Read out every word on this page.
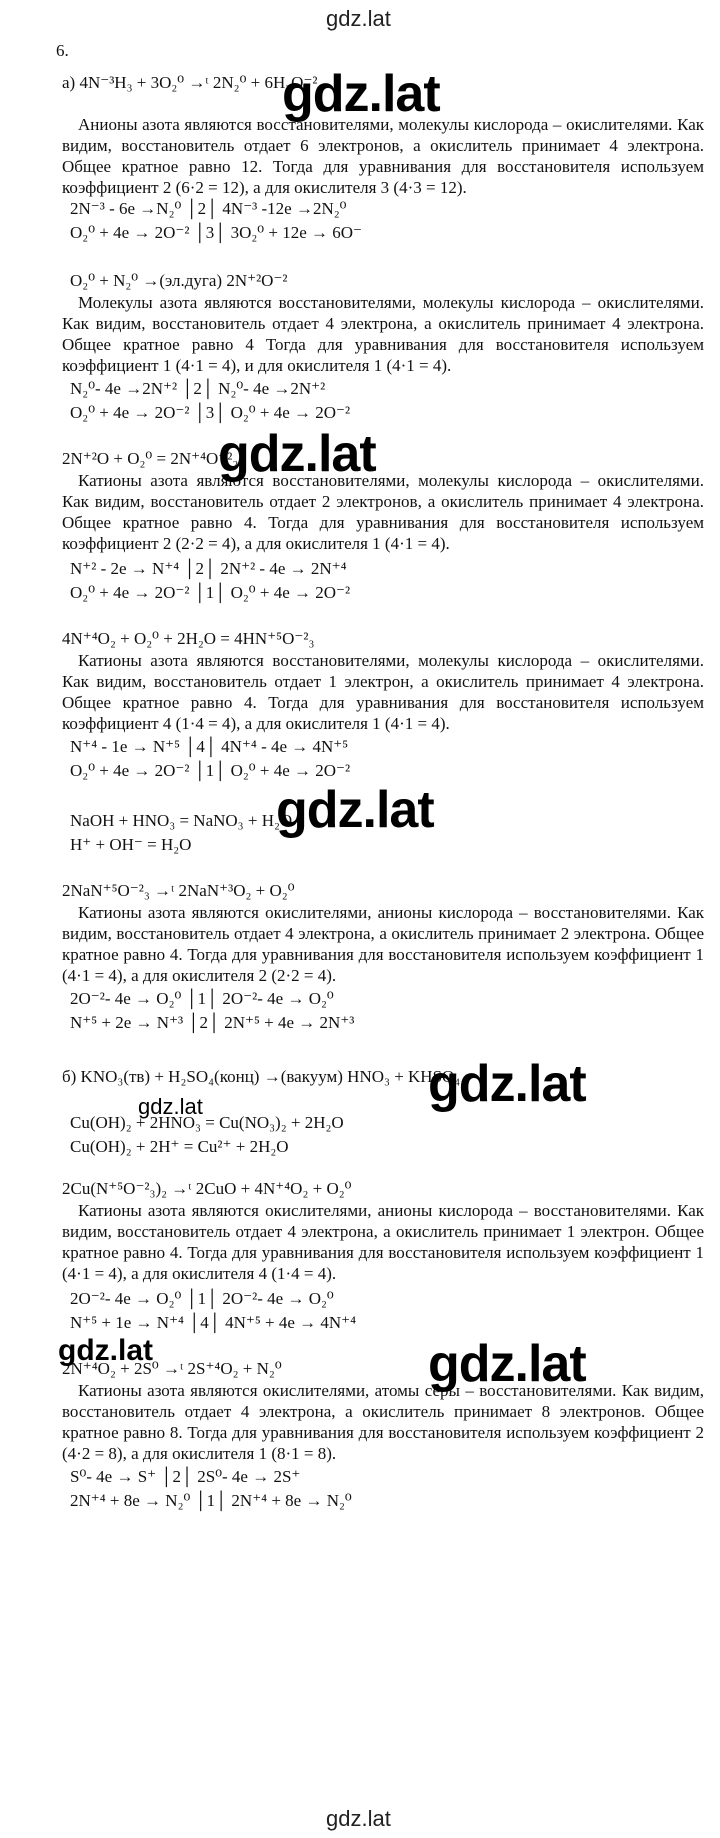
gdz.lat
gdz.lat
6.
а) 4N⁻³H₃ + 3O₂⁰ →ᵗ 2N₂⁰ + 6H₂O⁻²
Анионы азота являются восстановителями, молекулы кислорода – окислителями. Как видим, восстановитель отдает 6 электронов, а окислитель принимает 4 электрона. Общее кратное равно 12. Тогда для уравнивания для восстановителя используем коэффициент 2 (6·2 = 12), а для окислителя 3 (4·3 = 12).
2N⁻³ - 6e →N₂⁰ │2│ 4N⁻³ -12e →2N₂⁰
O₂⁰ + 4e → 2O⁻² │3│ 3O₂⁰ + 12e → 6O⁻
O₂⁰ + N₂⁰ →(эл.дуга) 2N⁺²O⁻²
Молекулы азота являются восстановителями, молекулы кислорода – окислителями. Как видим, восстановитель отдает 4 электрона, а окислитель принимает 4 электрона. Общее кратное равно 4 Тогда для уравнивания для восстановителя используем коэффициент 1 (4·1 = 4), и для окислителя 1 (4·1 = 4).
N₂⁰- 4e →2N⁺² │2│ N₂⁰- 4e →2N⁺²
O₂⁰ + 4e → 2O⁻² │3│ O₂⁰ + 4e → 2O⁻²
2N⁺²O + O₂⁰ = 2N⁺⁴O⁻²₂
Катионы азота являются восстановителями, молекулы кислорода – окислителями. Как видим, восстановитель отдает 2 электронов, а окислитель принимает 4 электрона. Общее кратное равно 4. Тогда для уравнивания для восстановителя используем коэффициент 2 (2·2 = 4), а для окислителя 1 (4·1 = 4).
N⁺² - 2e → N⁺⁴ │2│ 2N⁺² - 4e → 2N⁺⁴
O₂⁰ + 4e → 2O⁻² │1│ O₂⁰ + 4e → 2O⁻²
4N⁺⁴O₂ + O₂⁰ + 2H₂O = 4HN⁺⁵O⁻²₃
Катионы азота являются восстановителями, молекулы кислорода – окислителями. Как видим, восстановитель отдает 1 электрон, а окислитель принимает 4 электрона. Общее кратное равно 4. Тогда для уравнивания для восстановителя используем коэффициент 4 (1·4 = 4), а для окислителя 1 (4·1 = 4).
N⁺⁴ - 1e → N⁺⁵ │4│ 4N⁺⁴ - 4e → 4N⁺⁵
O₂⁰ + 4e → 2O⁻² │1│ O₂⁰ + 4e → 2O⁻²
NaOH + HNO₃ = NaNO₃ + H₂O
H⁺ + OH⁻ = H₂O
2NaN⁺⁵O⁻²₃ →ᵗ 2NaN⁺³O₂ + O₂⁰
Катионы азота являются окислителями, анионы кислорода – восстановителями. Как видим, восстановитель отдает 4 электрона, а окислитель принимает 2 электрона. Общее кратное равно 4. Тогда для уравнивания для восстановителя используем коэффициент 1 (4·1 = 4), а для окислителя 2 (2·2 = 4).
2O⁻²- 4e → O₂⁰ │1│ 2O⁻²- 4e → O₂⁰
N⁺⁵ + 2e → N⁺³ │2│ 2N⁺⁵ + 4e → 2N⁺³
б) KNO₃(тв) + H₂SO₄(конц) →(вакуум) HNO₃ + KHSO₄
Cu(OH)₂ + 2HNO₃ = Cu(NO₃)₂ + 2H₂O
Cu(OH)₂ + 2H⁺ = Cu²⁺ + 2H₂O
2Cu(N⁺⁵O⁻²₃)₂ →ᵗ 2CuO + 4N⁺⁴O₂ + O₂⁰
Катионы азота являются окислителями, анионы кислорода – восстановителями. Как видим, восстановитель отдает 4 электрона, а окислитель принимает 1 электрон. Общее кратное равно 4. Тогда для уравнивания для восстановителя используем коэффициент 1 (4·1 = 4), а для окислителя 4 (1·4 = 4).
2O⁻²- 4e → O₂⁰ │1│ 2O⁻²- 4e → O₂⁰
N⁺⁵ + 1e → N⁺⁴ │4│ 4N⁺⁵ + 4e → 4N⁺⁴
2N⁺⁴O₂ + 2S⁰ →ᵗ 2S⁺⁴O₂ + N₂⁰
Катионы азота являются окислителями, атомы серы – восстановителями. Как видим, восстановитель отдает 4 электрона, а окислитель принимает 8 электронов. Общее кратное равно 8. Тогда для уравнивания для восстановителя используем коэффициент 2 (4·2 = 8), а для окислителя 1 (8·1 = 8).
S⁰- 4e → S⁺ │2│ 2S⁰- 4e → 2S⁺
2N⁺⁴ + 8e → N₂⁰ │1│ 2N⁺⁴ + 8e → N₂⁰
gdz.lat
gdz.lat
gdz.lat
gdz.lat
gdz.lat
gdz.lat	gdz.lat
